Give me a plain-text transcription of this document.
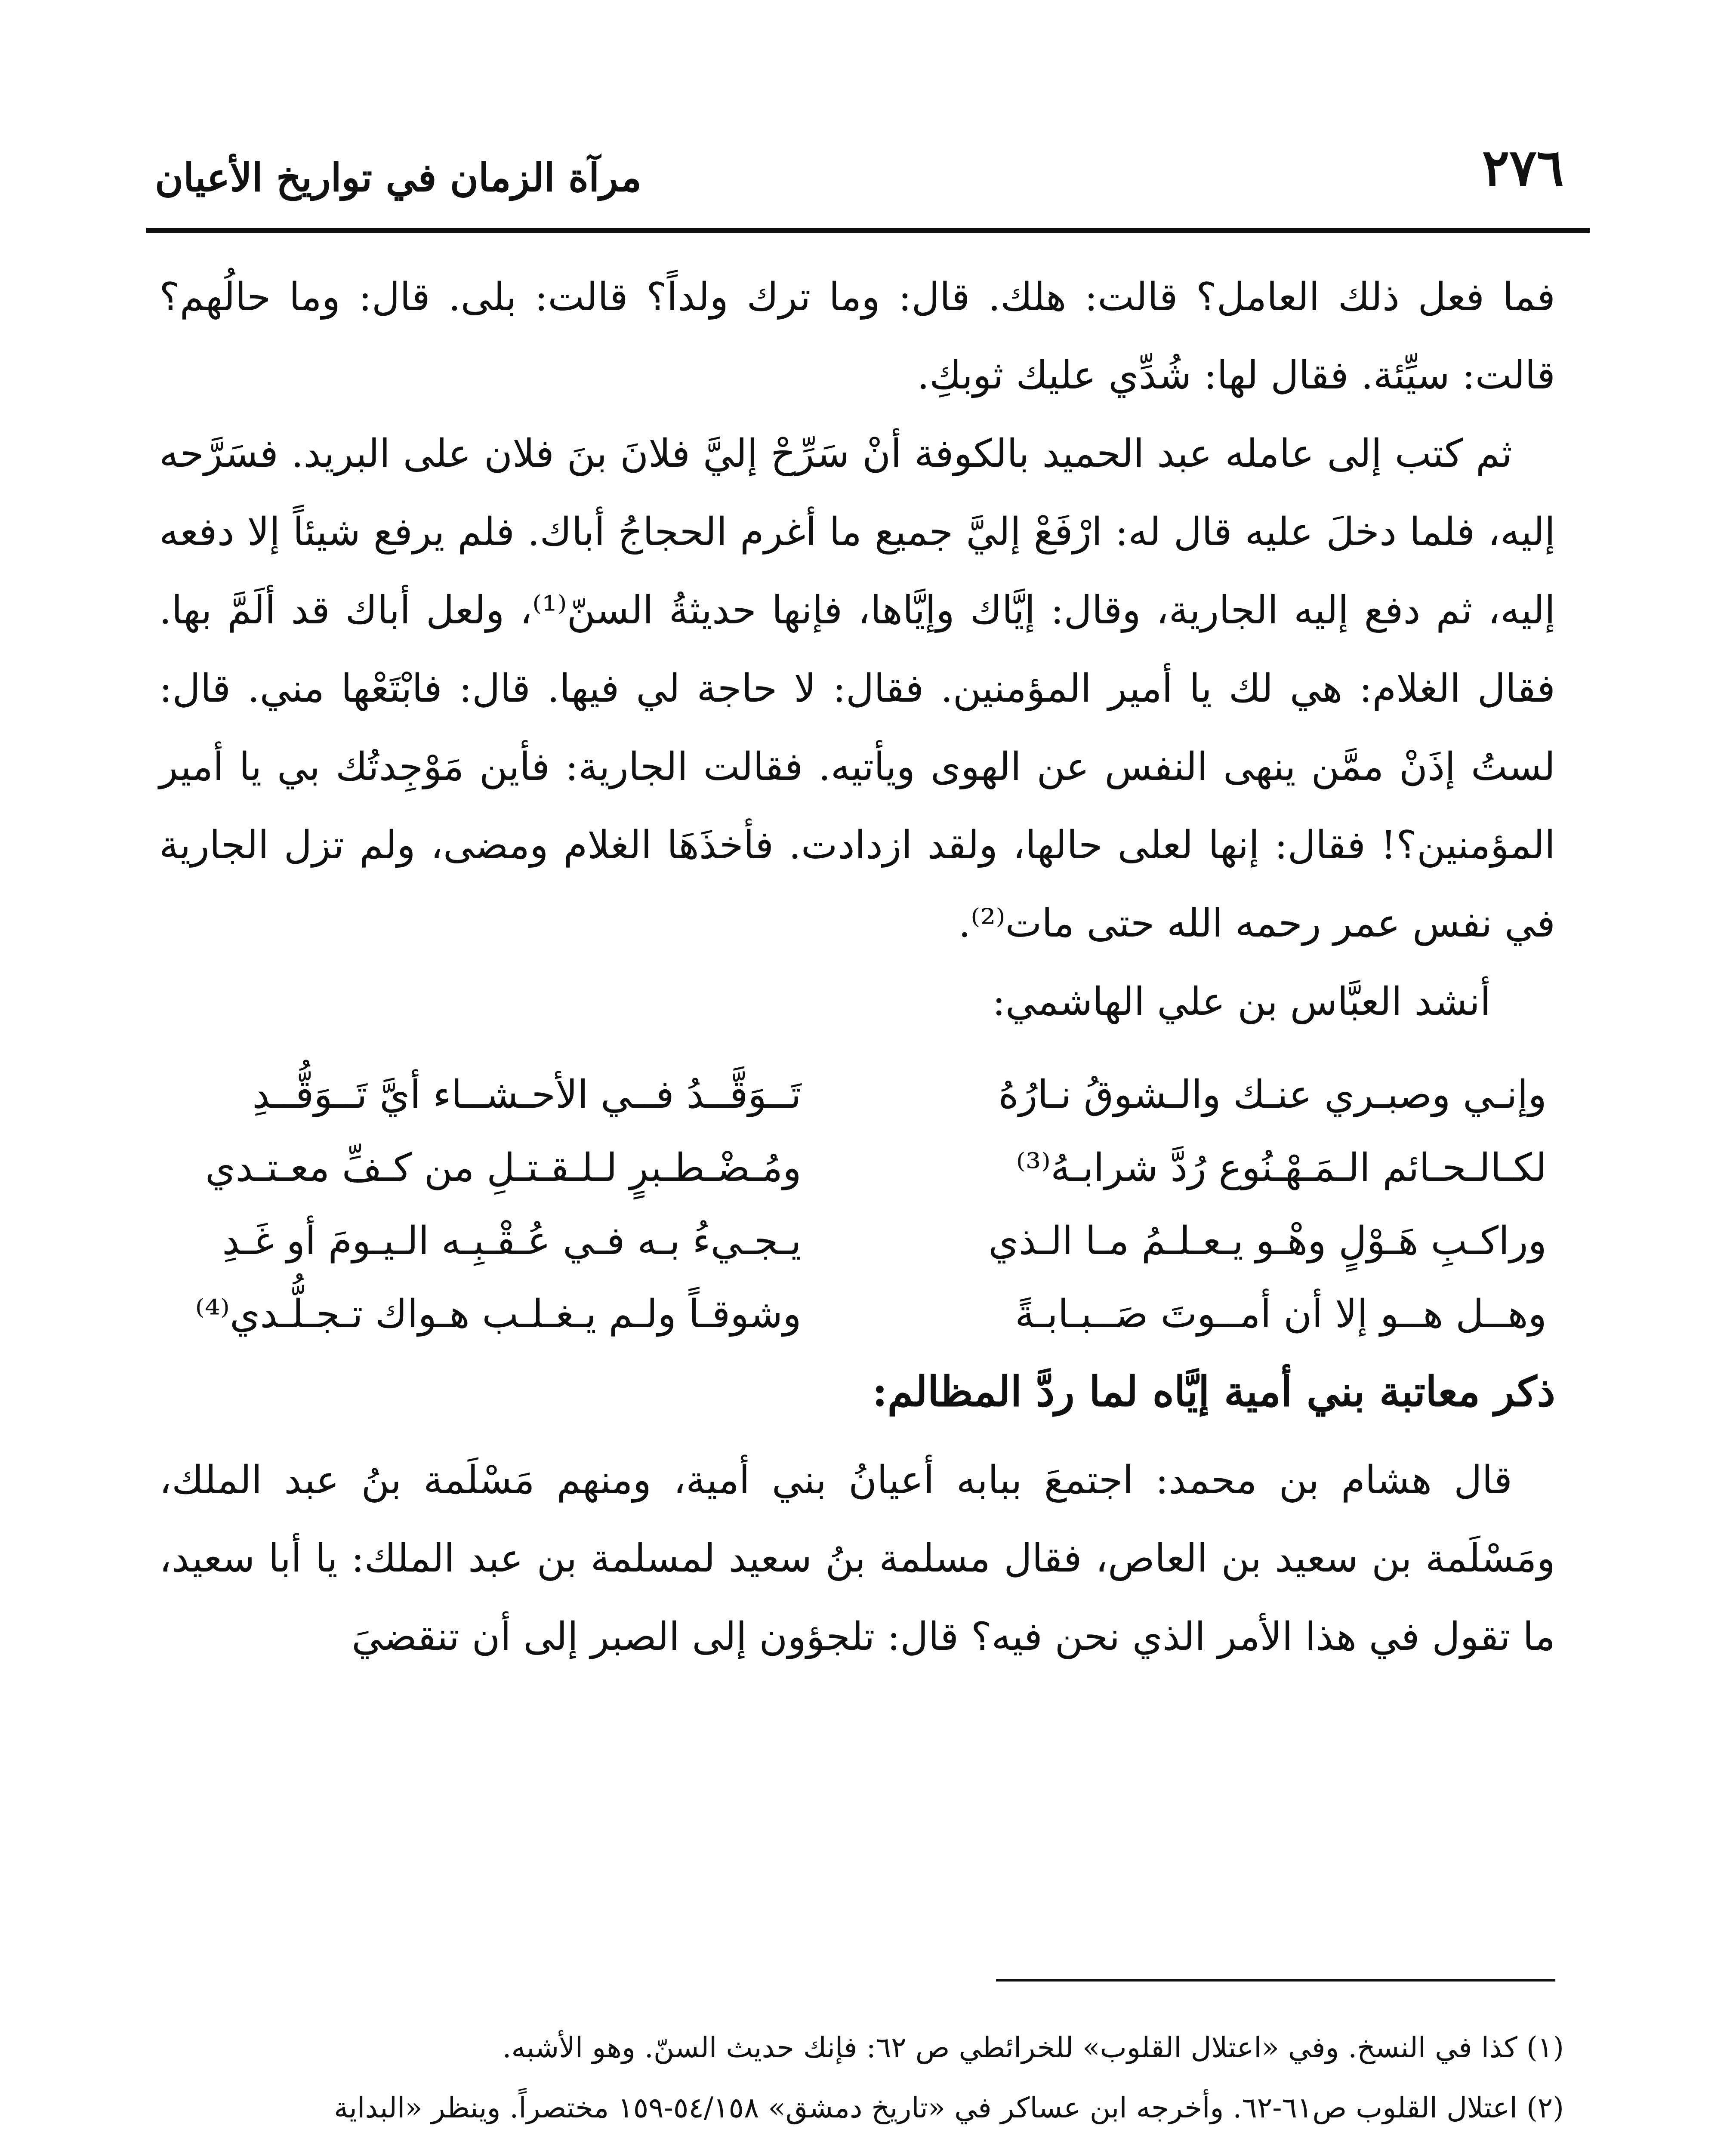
٢٧٦
مرآة الزمان في تواريخ الأعيان

فما فعل ذلك العامل؟ قالت: هلك. قال: وما ترك ولداً؟ قالت: بلى. قال: وما حالُهم؟ قالت: سيِّئة. فقال لها: شُدِّي عليك ثوبكِ.

ثم كتب إلى عامله عبد الحميد بالكوفة أنْ سَرِّحْ إليَّ فلانَ بنَ فلان على البريد. فسَرَّحه إليه، فلما دخلَ عليه قال له: ارْفَعْ إليَّ جميع ما أغرم الحجاجُ أباك. فلم يرفع شيئاً إلا دفعه إليه، ثم دفع إليه الجارية، وقال: إيَّاك وإيَّاها، فإنها حديثةُ السنّ⁽¹⁾، ولعل أباك قد ألَمَّ بها. فقال الغلام: هي لك يا أمير المؤمنين. فقال: لا حاجة لي فيها. قال: فابْتَعْها مني. قال: لستُ إذَنْ ممَّن ينهى النفس عن الهوى ويأتيه. فقالت الجارية: فأين مَوْجِدتُك بي يا أمير المؤمنين؟! فقال: إنها لعلى حالها، ولقد ازدادت. فأخذَهَا الغلام ومضى، ولم تزل الجارية في نفس عمر رحمه الله حتى مات⁽²⁾.

أنشد العبَّاس بن علي الهاشمي:

وإنـي وصبـري عنـك والـشوقُ نـارُهُ
تَــوَقَّــدُ فــي الأحـشــاء أيَّ تَــوَقُّــدِ
لكـالـحـائم الـمَـهْـنُوع رُدَّ شرابـهُ⁽³⁾
ومُـضْـطـبرٍ لـلـقـتـلِ من كـفِّ معـتـدي
وراكـبِ هَـوْلٍ وهْـو يـعـلـمُ مـا الـذي
يـجـيءُ بـه فـي عُـقْـبِـه الـيـومَ أو غَـدِ
وهــل هــو إلا أن أمــوتَ صَــبـابـةً
وشوقـاً ولـم يـغـلـب هـواك تـجـلُّـدي⁽⁴⁾

ذكر معاتبة بني أمية إيَّاه لما ردَّ المظالم:

قال هشام بن محمد: اجتمعَ ببابه أعيانُ بني أمية، ومنهم مَسْلَمة بنُ عبد الملك، ومَسْلَمة بن سعيد بن العاص، فقال مسلمة بنُ سعيد لمسلمة بن عبد الملك: يا أبا سعيد، ما تقول في هذا الأمر الذي نحن فيه؟ قال: تلجؤون إلى الصبر إلى أن تنقضيَ

(١) كذا في النسخ. وفي «اعتلال القلوب» للخرائطي ص ٦٢: فإنك حديث السنّ. وهو الأشبه.

(٢) اعتلال القلوب ص٦١-٦٢. وأخرجه ابن عساكر في «تاريخ دمشق» ٥٤/١٥٨-١٥٩ مختصراً. وينظر «البداية
